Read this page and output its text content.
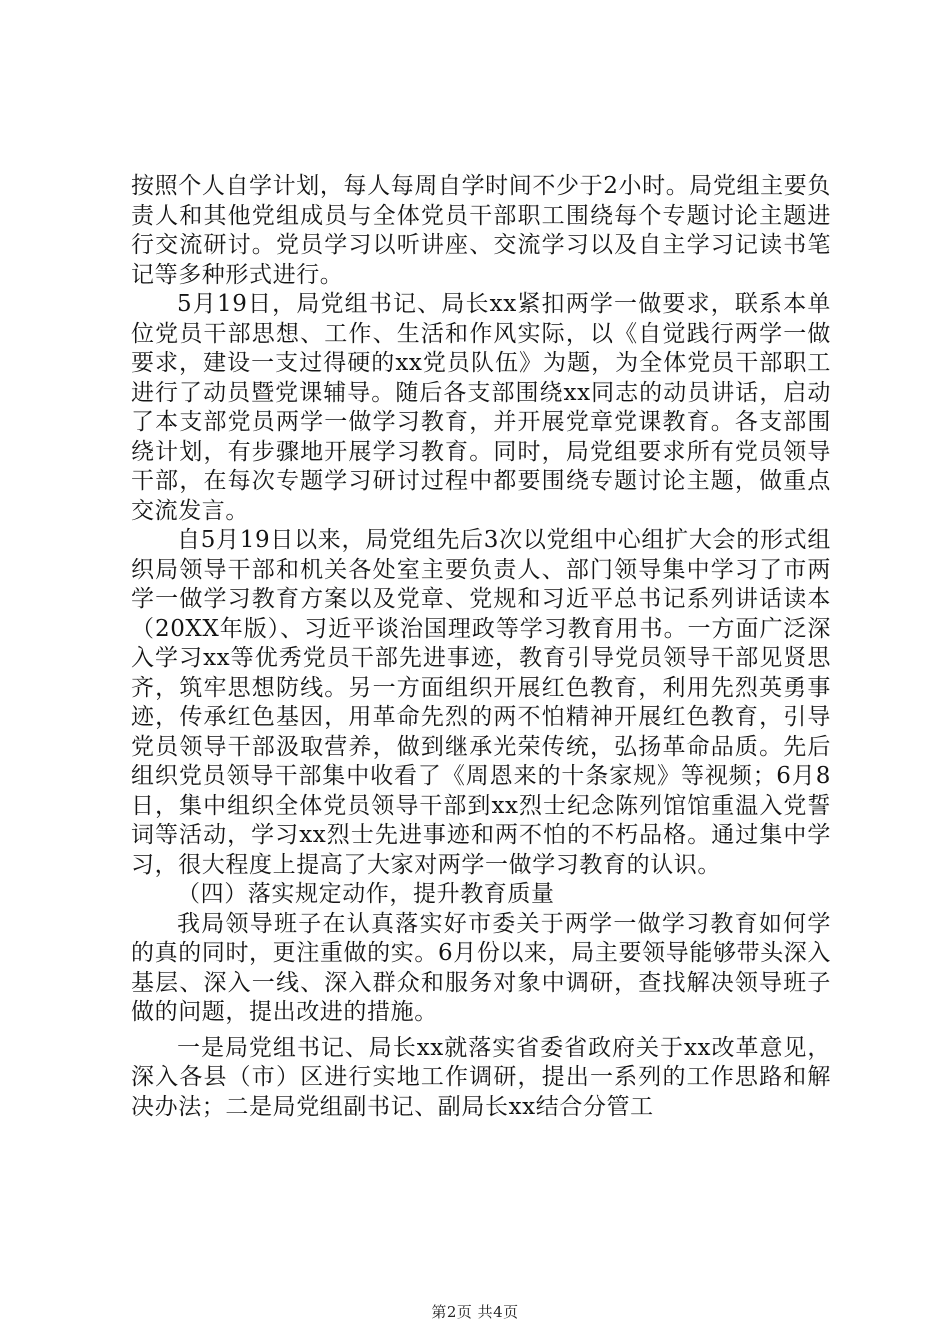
按照个人自学计划，每人每周自学时间不少于2小时。局党组主要负责人和其他党组成员与全体党员干部职工围绕每个专题讨论主题进行交流研讨。党员学习以听讲座、交流学习以及自主学习记读书笔记等多种形式进行。

5月19日，局党组书记、局长xx紧扣两学一做要求，联系本单位党员干部思想、工作、生活和作风实际，以《自觉践行两学一做要求，建设一支过得硬的xx党员队伍》为题，为全体党员干部职工进行了动员暨党课辅导。随后各支部围绕xx同志的动员讲话，启动了本支部党员两学一做学习教育，并开展党章党课教育。各支部围绕计划，有步骤地开展学习教育。同时，局党组要求所有党员领导干部，在每次专题学习研讨过程中都要围绕专题讨论主题，做重点交流发言。

自5月19日以来，局党组先后3次以党组中心组扩大会的形式组织局领导干部和机关各处室主要负责人、部门领导集中学习了市两学一做学习教育方案以及党章、党规和习近平总书记系列讲话读本（20XX年版）、习近平谈治国理政等学习教育用书。一方面广泛深入学习xx等优秀党员干部先进事迹，教育引导党员领导干部见贤思齐，筑牢思想防线。另一方面组织开展红色教育，利用先烈英勇事迹，传承红色基因，用革命先烈的两不怕精神开展红色教育，引导党员领导干部汲取营养，做到继承光荣传统，弘扬革命品质。先后组织党员领导干部集中收看了《周恩来的十条家规》等视频；6月8日，集中组织全体党员领导干部到xx烈士纪念陈列馆馆重温入党誓词等活动，学习xx烈士先进事迹和两不怕的不朽品格。通过集中学习，很大程度上提高了大家对两学一做学习教育的认识。

（四）落实规定动作，提升教育质量

我局领导班子在认真落实好市委关于两学一做学习教育如何学的真的同时，更注重做的实。6月份以来，局主要领导能够带头深入基层、深入一线、深入群众和服务对象中调研，查找解决领导班子做的问题，提出改进的措施。

一是局党组书记、局长xx就落实省委省政府关于xx改革意见，深入各县（市）区进行实地工作调研，提出一系列的工作思路和解决办法；二是局党组副书记、副局长xx结合分管工

第2页 共4页
